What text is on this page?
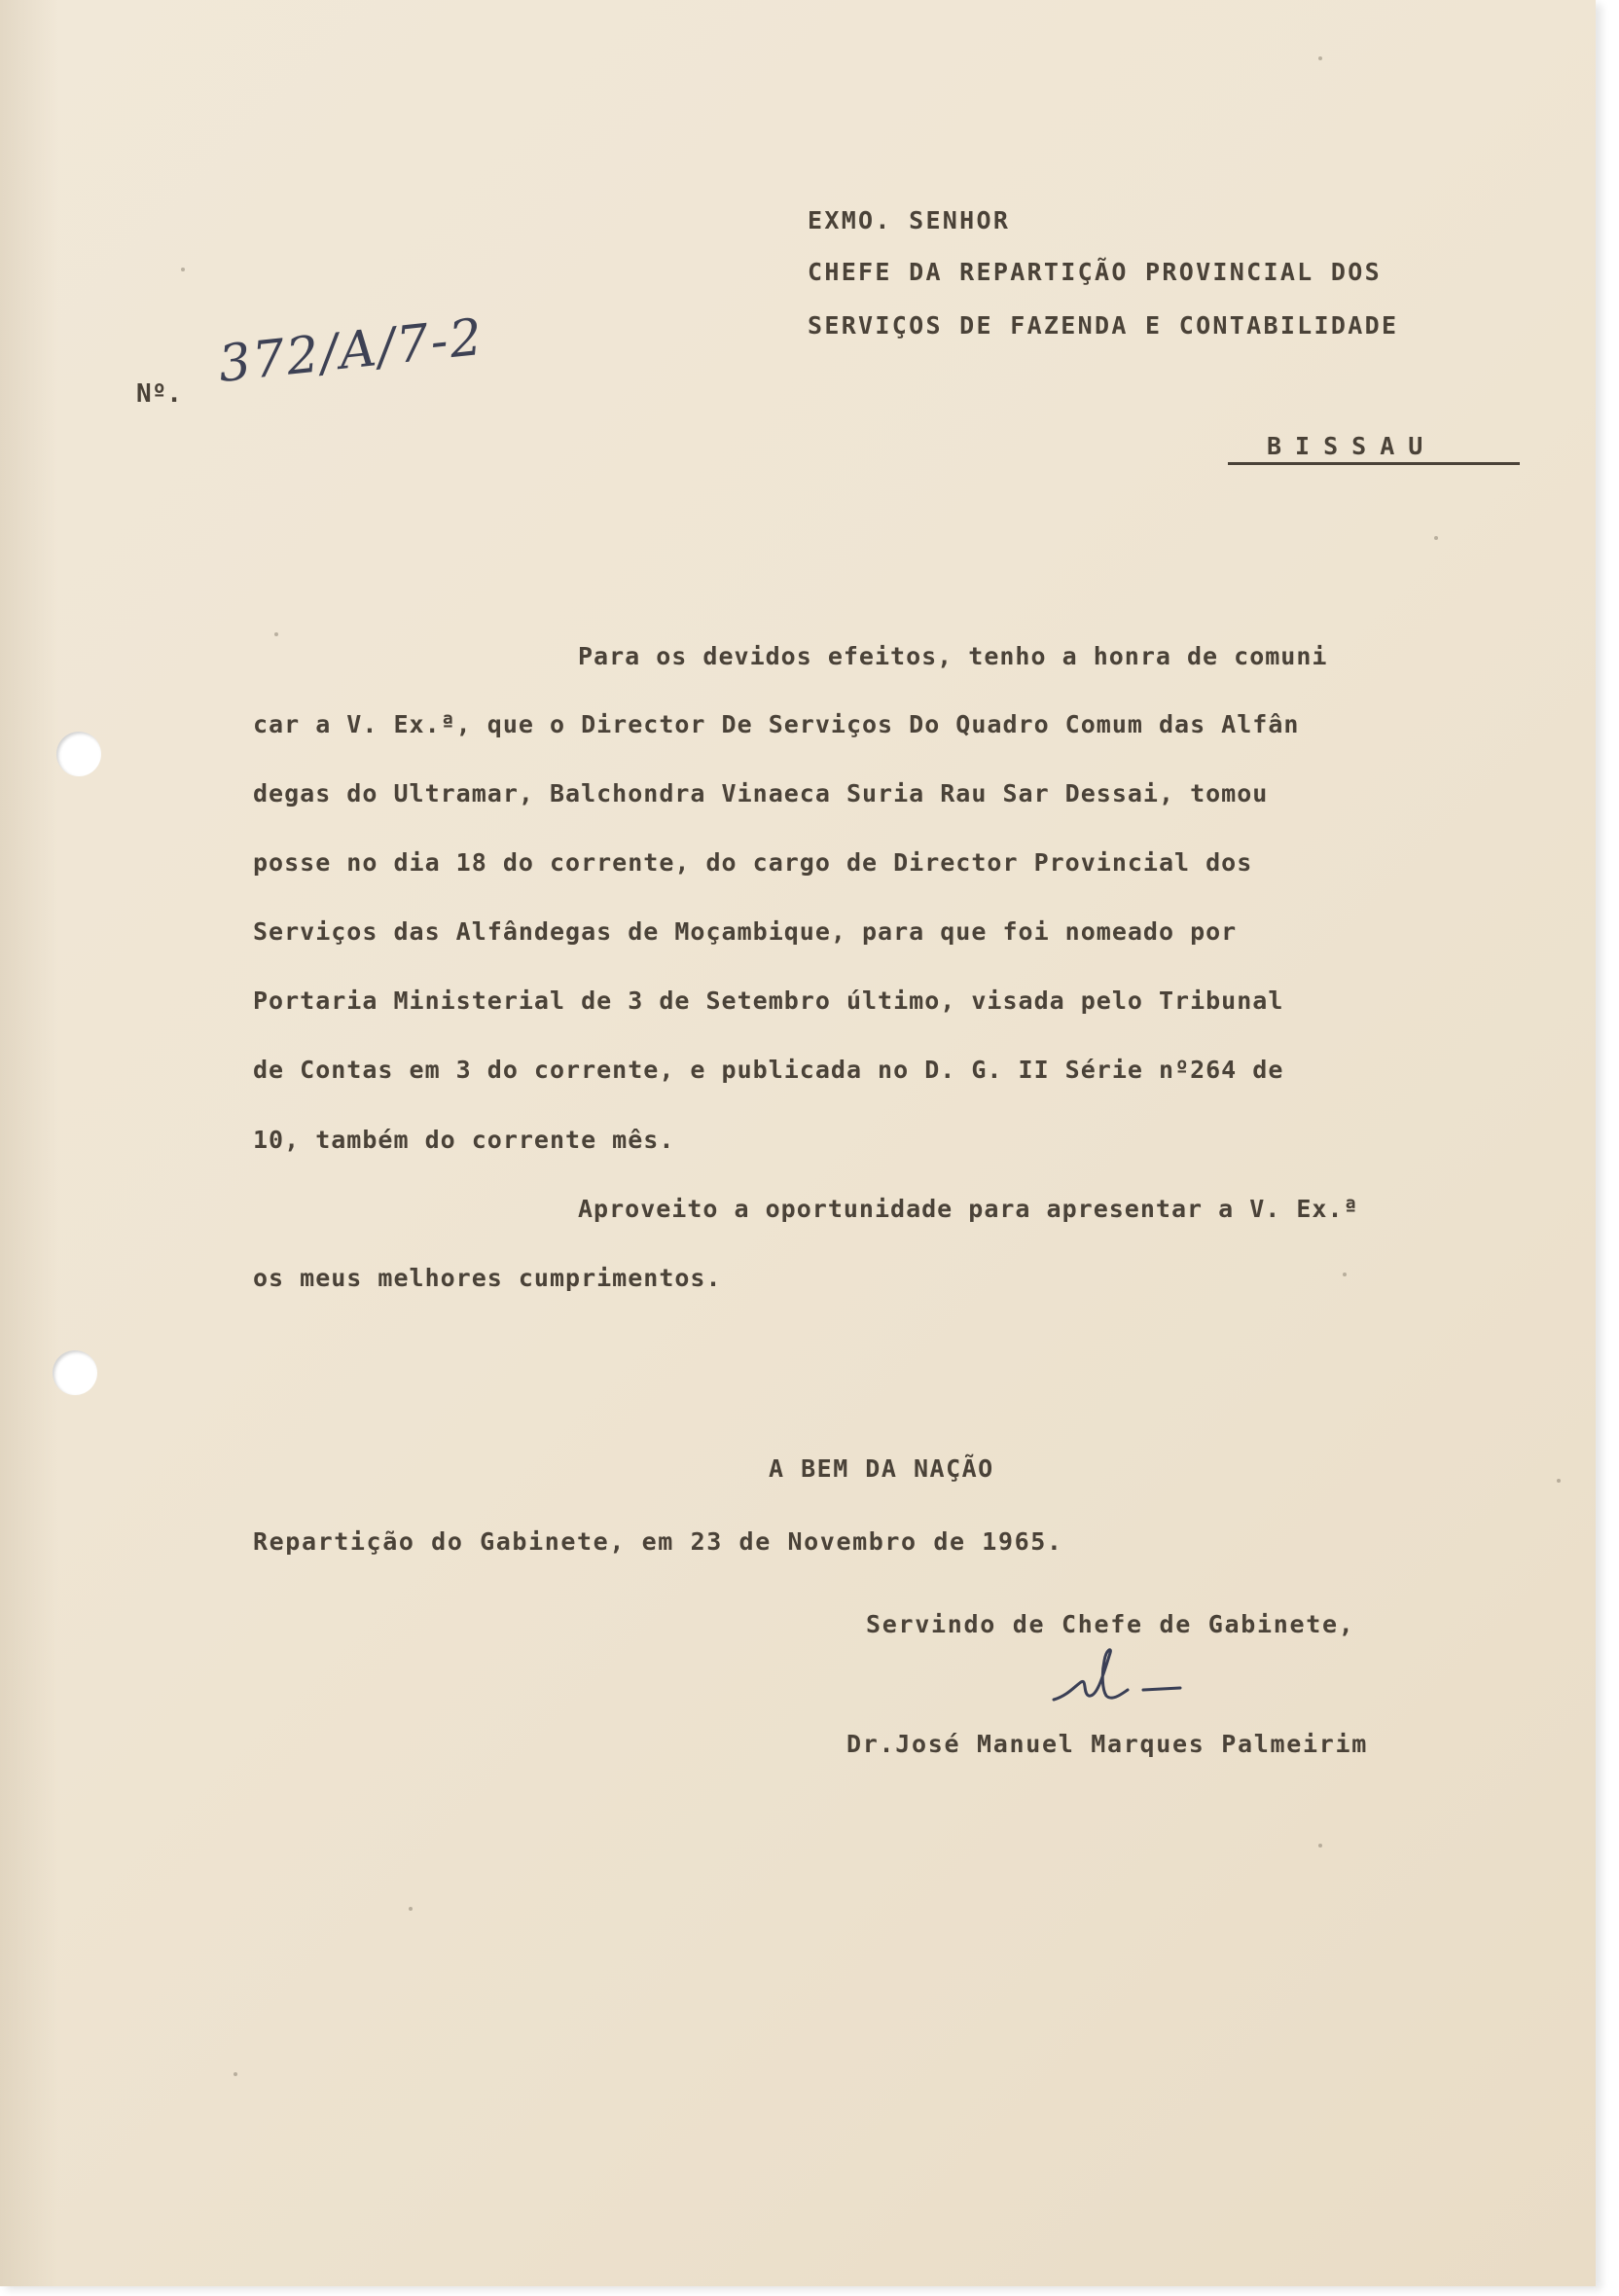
EXMO. SENHOR
CHEFE DA REPARTIÇÃO PROVINCIAL DOS
SERVIÇOS DE FAZENDA E CONTABILIDADE
BISSAU
Nº. 372/A/7-2
Para os devidos efeitos, tenho a honra de comuni
car a V. Ex.ª, que o Director De Serviços Do Quadro Comum das Alfân
degas do Ultramar, Balchondra Vinaeca Suria Rau Sar Dessai, tomou
posse no dia 18 do corrente, do cargo de Director Provincial dos
Serviços das Alfândegas de Moçambique, para que foi nomeado por
Portaria Ministerial de 3 de Setembro último, visada pelo Tribunal
de Contas em 3 do corrente, e publicada no D. G. II Série nº264 de
10, também do corrente mês.
Aproveito a oportunidade para apresentar a V. Ex.ª
os meus melhores cumprimentos.
A BEM DA NAÇÃO
Repartição do Gabinete, em 23 de Novembro de 1965.
Servindo de Chefe de Gabinete,
Dr.José Manuel Marques Palmeirim
